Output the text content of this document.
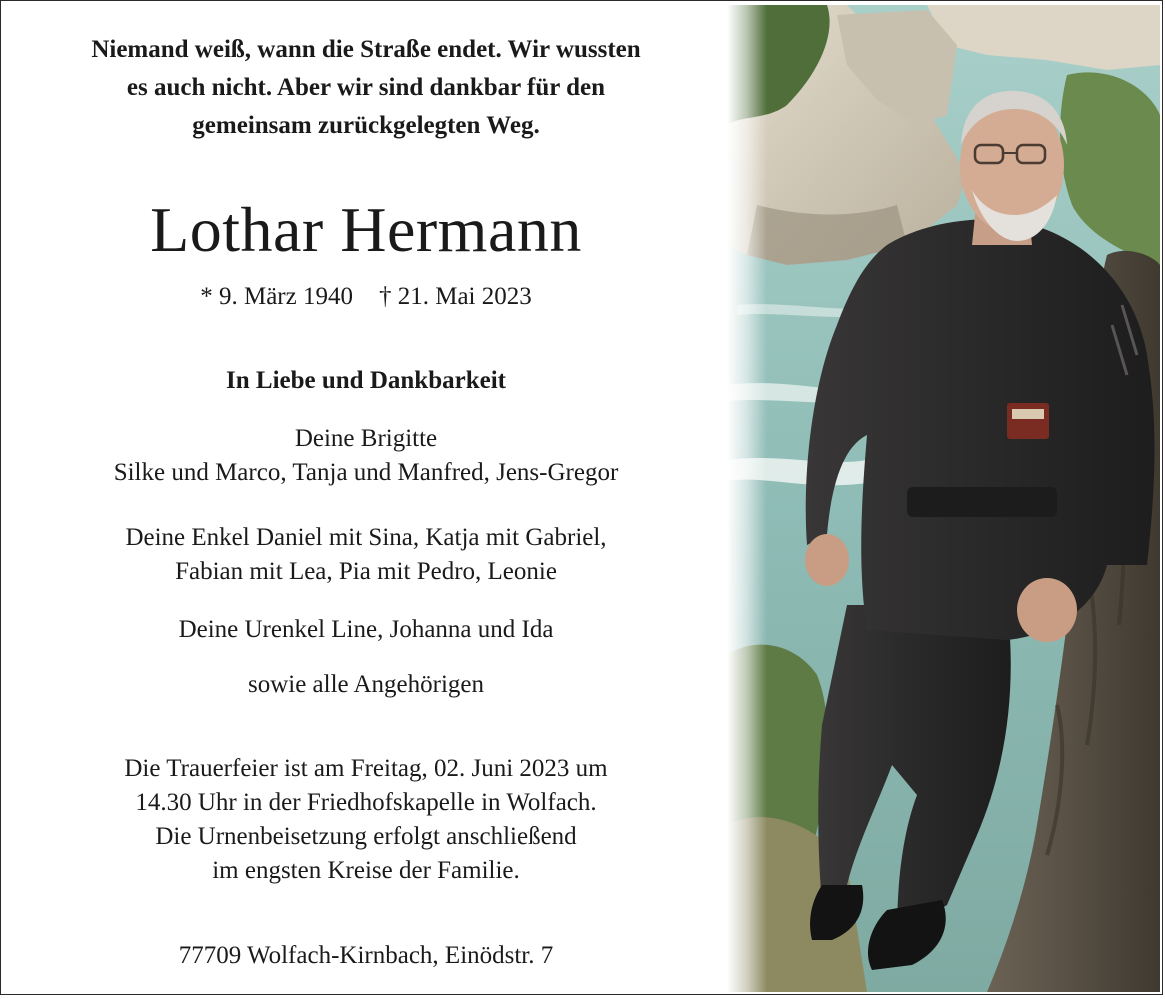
Niemand weiß, wann die Straße endet. Wir wussten
es auch nicht. Aber wir sind dankbar für den
gemeinsam zurückgelegten Weg.
Lothar Hermann
* 9. März 1940 † 21. Mai 2023
In Liebe und Dankbarkeit
Deine Brigitte
Silke und Marco, Tanja und Manfred, Jens-Gregor
Deine Enkel Daniel mit Sina, Katja mit Gabriel,
Fabian mit Lea, Pia mit Pedro, Leonie
Deine Urenkel Line, Johanna und Ida
sowie alle Angehörigen
Die Trauerfeier ist am Freitag, 02. Juni 2023 um
14.30 Uhr in der Friedhofskapelle in Wolfach.
Die Urnenbeisetzung erfolgt anschließend
im engsten Kreise der Familie.
77709 Wolfach-Kirnbach, Einödstr. 7
